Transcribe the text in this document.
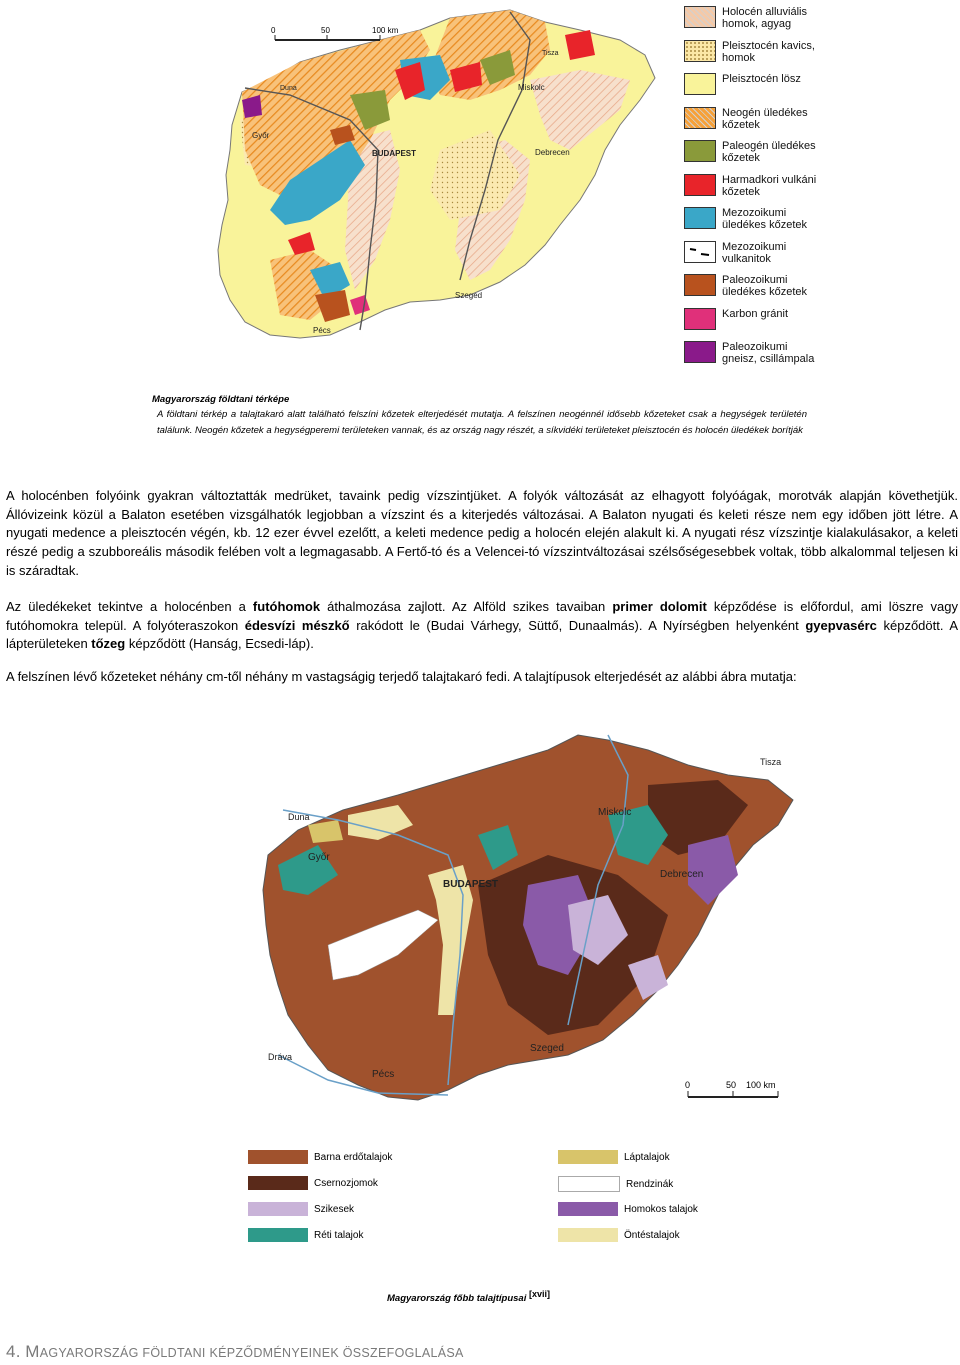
0	50	100 km
Győr
BUDAPEST
Miskolc
Debrecen
Szeged
Pécs
Tisza
Duna
Holocén alluviális homok, agyag
Pleisztocén kavics, homok
Pleisztocén lösz
Neogén üledékes kőzetek
Paleogén üledékes kőzetek
Harmadkori vulkáni kőzetek
Mezozoikumi üledékes kőzetek
Mezozoikumi vulkanitok
Paleozoikumi üledékes kőzetek
Karbon gránit
Paleozoikumi gneisz, csillámpala
Magyarország földtani térképe
A földtani térkép a talajtakaró alatt található felszíni kőzetek elterjedését mutatja. A felszínen neogénnél idősebb kőzeteket csak a hegységek területén találunk. Neogén kőzetek a hegységperemi területeken vannak, és az ország nagy részét, a síkvidéki területeket pleisztocén és holocén üledékek borítják
A holocénben folyóink gyakran változtatták medrüket, tavaink pedig vízszintjüket. A folyók változását az elhagyott folyóágak, morotvák alapján követhetjük. Állóvizeink közül a Balaton esetében vizsgálhatók legjobban a vízszint és a kiterjedés változásai. A Balaton nyugati és keleti része nem egy időben jött létre. A nyugati medence a pleisztocén végén, kb. 12 ezer évvel ezelőtt, a keleti medence pedig a holocén elején alakult ki. A nyugati rész vízszintje kialakulásakor, a keleti részé pedig a szubboreális második felében volt a legmagasabb. A Fertő-tó és a Velencei-tó vízszintváltozásai szélsőségesebbek voltak, több alkalommal teljesen ki is száradtak.
Az üledékeket tekintve a holocénben a futóhomok áthalmozása zajlott. Az Alföld szikes tavaiban primer dolomit képződése is előfordul, ami löszre vagy futóhomokra települ. A folyóteraszokon édesvízi mészkő rakódott le (Budai Várhegy, Süttő, Dunaalmás). A Nyírségben helyenként gyepvasérc képződött. A lápterületeken tőzeg képződött (Hanság, Ecsedi-láp).
A felszínen lévő kőzeteket néhány cm-től néhány m vastagságig terjedő talajtakaró fedi. A talajtípusok elterjedését az alábbi ábra mutatja:
Miskolc
Győr
BUDAPEST
Debrecen
Szeged
Pécs
Tisza
Duna
Dráva
0	50 100 km
Barna erdőtalajok
Csernozjomok
Szikesek
Réti talajok
Láptalajok
Rendzinák
Homokos talajok
Öntéstalajok
Magyarország főbb talajtípusai [xvii]
4. MAGYARORSZÁG FÖLDTANI KÉPZŐDMÉNYEINEK ÖSSZEFOGLALÁSA
